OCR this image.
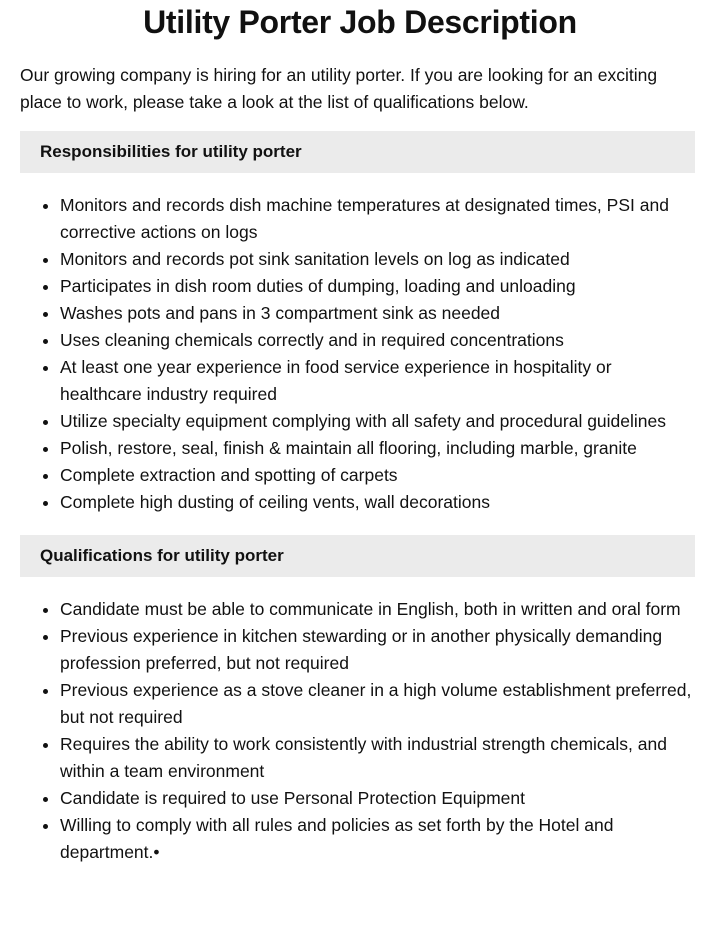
Utility Porter Job Description

Our growing company is hiring for an utility porter. If you are looking for an exciting place to work, please take a look at the list of qualifications below.

Responsibilities for utility porter
• Monitors and records dish machine temperatures at designated times, PSI and corrective actions on logs
• Monitors and records pot sink sanitation levels on log as indicated
• Participates in dish room duties of dumping, loading and unloading
• Washes pots and pans in 3 compartment sink as needed
• Uses cleaning chemicals correctly and in required concentrations
• At least one year experience in food service experience in hospitality or healthcare industry required
• Utilize specialty equipment complying with all safety and procedural guidelines
• Polish, restore, seal, finish & maintain all flooring, including marble, granite
• Complete extraction and spotting of carpets
• Complete high dusting of ceiling vents, wall decorations
Qualifications for utility porter
• Candidate must be able to communicate in English, both in written and oral form
• Previous experience in kitchen stewarding or in another physically demanding profession preferred, but not required
• Previous experience as a stove cleaner in a high volume establishment preferred, but not required
• Requires the ability to work consistently with industrial strength chemicals, and within a team environment
• Candidate is required to use Personal Protection Equipment
• Willing to comply with all rules and policies as set forth by the Hotel and department.•
